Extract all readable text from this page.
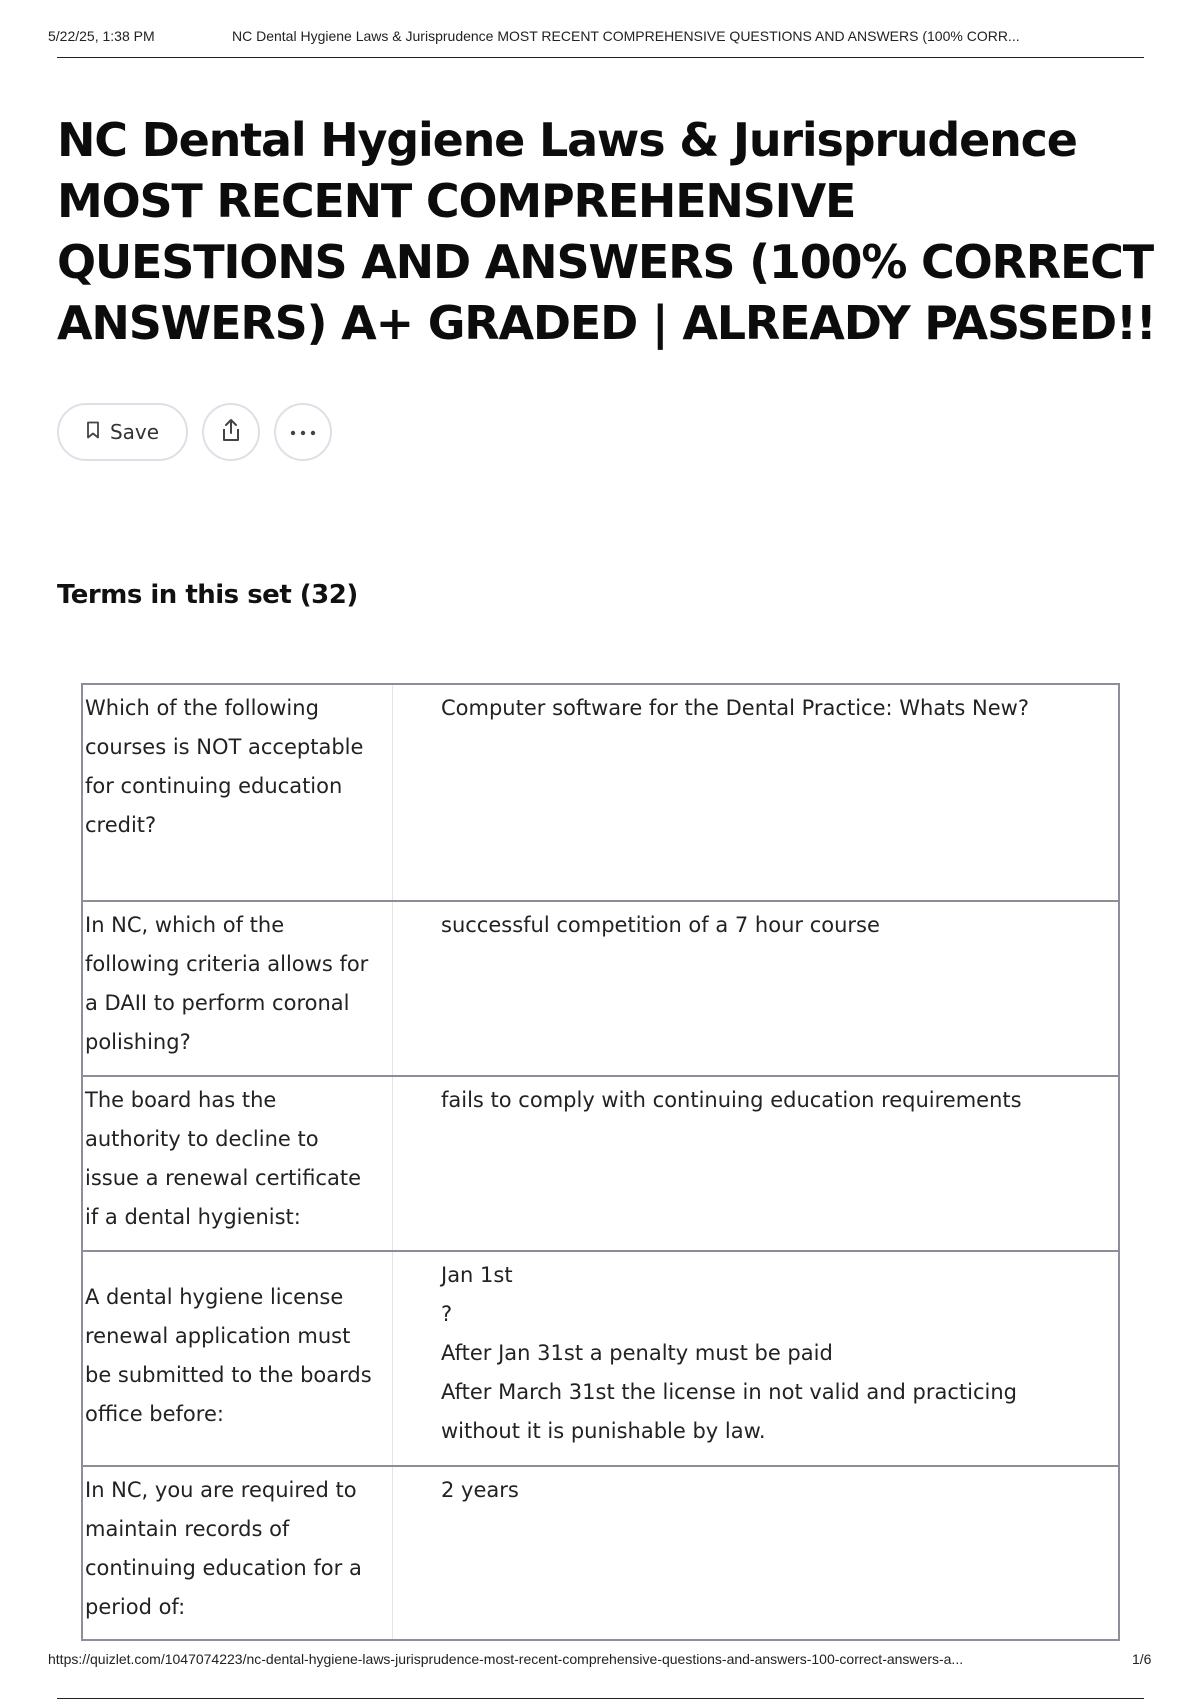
5/22/25, 1:38 PM	NC Dental Hygiene Laws & Jurisprudence MOST RECENT COMPREHENSIVE QUESTIONS AND ANSWERS (100% CORR...
NC Dental Hygiene Laws & Jurisprudence MOST RECENT COMPREHENSIVE QUESTIONS AND ANSWERS (100% CORRECT ANSWERS) A+ GRADED | ALREADY PASSED!!
Save
Terms in this set (32)
Which of the following courses is NOT acceptable for continuing education credit?
Computer software for the Dental Practice: Whats New?
In NC, which of the following criteria allows for a DAII to perform coronal polishing?
successful competition of a 7 hour course
The board has the authority to decline to issue a renewal certificate if a dental hygienist:
fails to comply with continuing education requirements
A dental hygiene license renewal application must be submitted to the boards office before:
Jan 1st
?
After Jan 31st a penalty must be paid
After March 31st the license in not valid and practicing without it is punishable by law.
In NC, you are required to maintain records of continuing education for a period of:
2 years
https://quizlet.com/1047074223/nc-dental-hygiene-laws-jurisprudence-most-recent-comprehensive-questions-and-answers-100-correct-answers-a...	1/6
